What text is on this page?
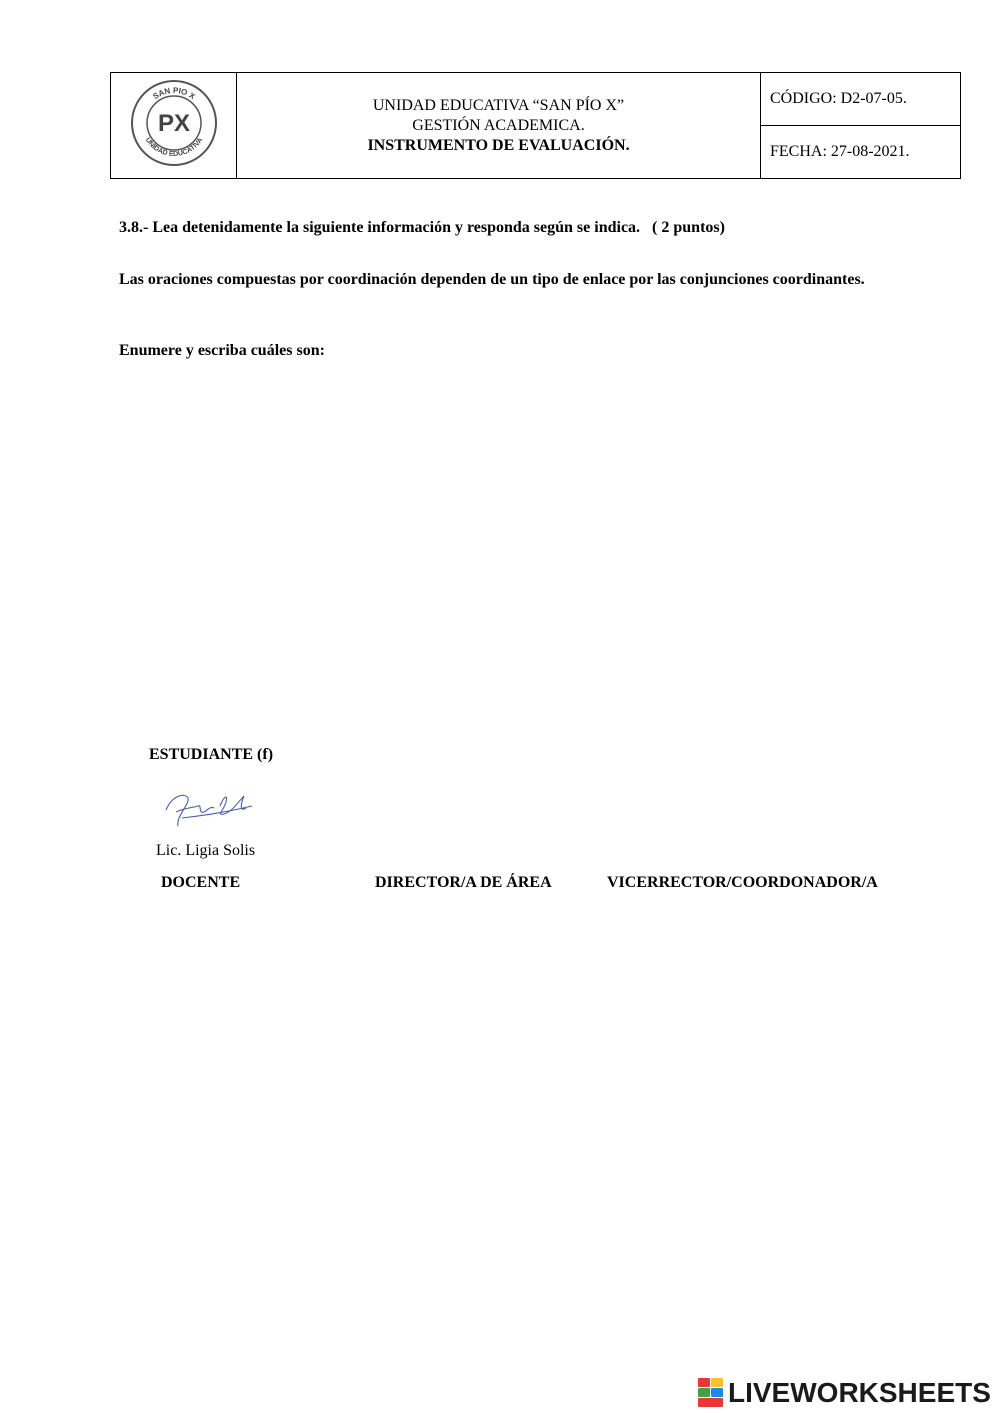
SAN PIO X
UNIDAD EDUCATIVA
PX

UNIDAD EDUCATIVA “SAN PÍO X”
GESTIÓN ACADEMICA.
INSTRUMENTO DE EVALUACIÓN.
	CÓDIGO: D2-07-05.
FECHA: 27-08-2021.
3.8.- Lea detenidamente la siguiente información y responda según se indica.   ( 2 puntos)
Las oraciones compuestas por coordinación dependen de un tipo de enlace por las conjunciones coordinantes.
Enumere y escriba cuáles son:
ESTUDIANTE (f)
Lic. Ligia Solis
DOCENTE	DIRECTOR/A DE ÁREA	VICERRECTOR/COORDONADOR/A
LIVEWORKSHEETS
